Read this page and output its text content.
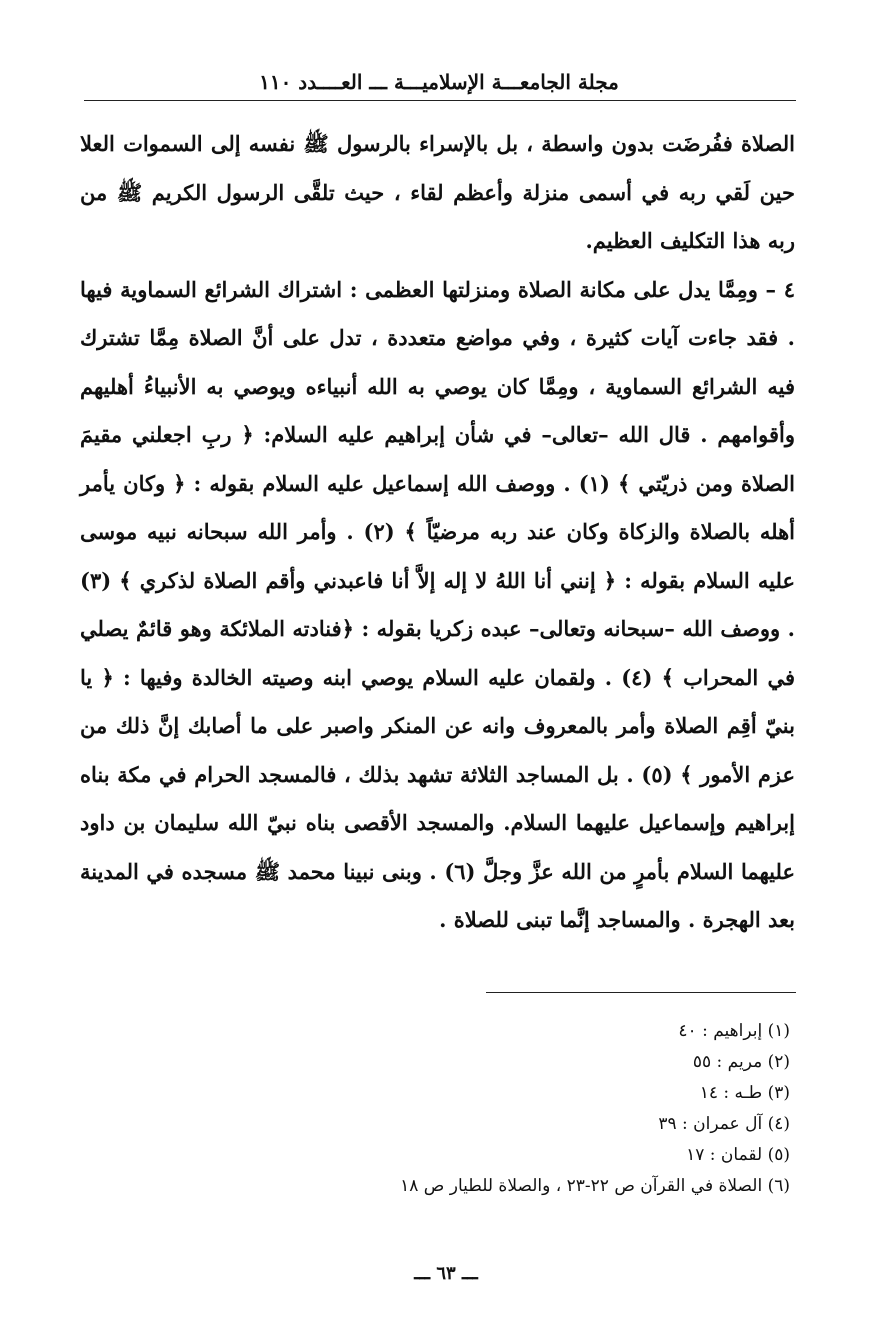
مجلة الجامعـــة الإسلاميـــة ـــ العــــدد ١١٠

الصلاة ففُرضَت بدون واسطة ، بل بالإسراء بالرسول ﷺ نفسه إلى السموات العلا حين لَقي ربه في أسمى منزلة وأعظم لقاء ، حيث تلقَّى الرسول الكريم ﷺ من ربه هذا التكليف العظيم.

٤ – ومِمَّا يدل على مكانة الصلاة ومنزلتها العظمى : اشتراك الشرائع السماوية فيها . فقد جاءت آيات كثيرة ، وفي مواضع متعددة ، تدل على أنَّ الصلاة مِمَّا تشترك فيه الشرائع السماوية ، ومِمَّا كان يوصي به الله أنبياءه ويوصي به الأنبياءُ أهليهم وأقوامهم . قال الله –تعالى– في شأن إبراهيم عليه السلام: ﴿ ربِ اجعلني مقيمَ الصلاة ومن ذريّتي ﴾ (١) . ووصف الله إسماعيل عليه السلام بقوله : ﴿ وكان يأمر أهله بالصلاة والزكاة وكان عند ربه مرضيّاً ﴾ (٢) . وأمر الله سبحانه نبيه موسى عليه السلام بقوله : ﴿ إنني أنا اللهُ لا إله إلاَّ أنا فاعبدني وأقم الصلاة لذكري ﴾ (٣) . ووصف الله –سبحانه وتعالى– عبده زكريا بقوله : ﴿فنادته الملائكة وهو قائمٌ يصلي في المحراب ﴾ (٤) . ولقمان عليه السلام يوصي ابنه وصيته الخالدة وفيها : ﴿ يا بنيّ أقِم الصلاة وأمر بالمعروف وانه عن المنكر واصبر على ما أصابك إنَّ ذلك من عزم الأمور ﴾ (٥) . بل المساجد الثلاثة تشهد بذلك ، فالمسجد الحرام في مكة بناه إبراهيم وإسماعيل عليهما السلام. والمسجد الأقصى بناه نبيّ الله سليمان بن داود عليهما السلام بأمرٍ من الله عزَّ وجلَّ (٦) . وبنى نبينا محمد ﷺ مسجده في المدينة بعد الهجرة . والمساجد إنَّما تبنى للصلاة .

(١) إبراهيم : ٤٠
(٢) مريم : ٥٥
(٣) طـه : ١٤
(٤) آل عمران : ٣٩
(٥) لقمان : ١٧
(٦) الصلاة في القرآن ص ٢٢-٢٣ ، والصلاة للطيار ص ١٨
ـــ ٦٣ ـــ
